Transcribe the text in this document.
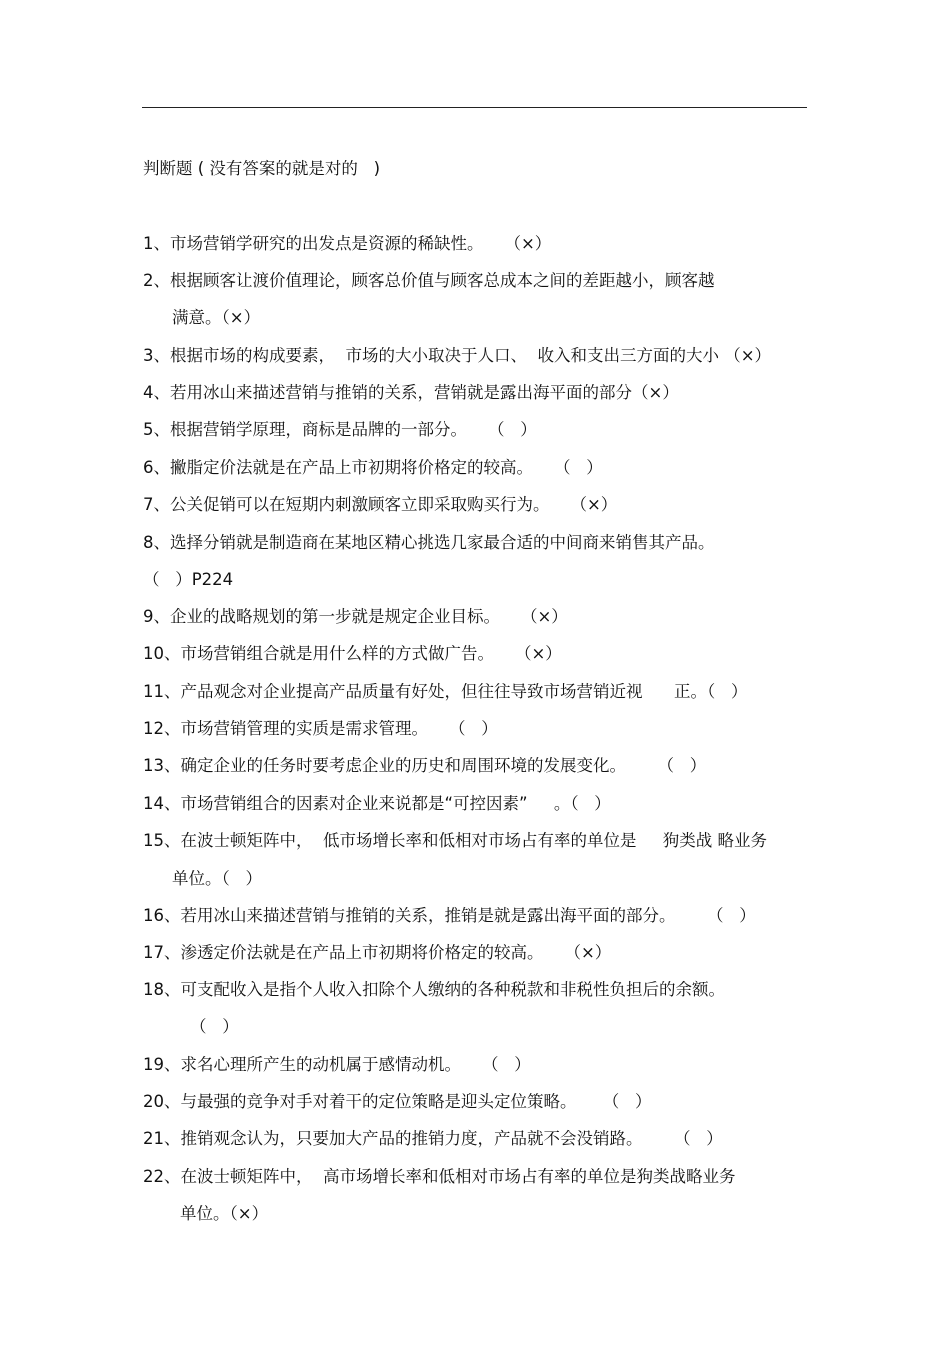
判断题 ( 没有答案的就是对的   )
1、市场营销学研究的出发点是资源的稀缺性。    （×）
2、根据顾客让渡价值理论，顾客总价值与顾客总成本之间的差距越小，顾客越
满意。（×）
3、根据市场的构成要素，  市场的大小取决于人口、  收入和支出三方面的大小 （×）
4、若用冰山来描述营销与推销的关系，营销就是露出海平面的部分（×）
5、根据营销学原理，商标是品牌的一部分。    （   ）
6、撇脂定价法就是在产品上市初期将价格定的较高。    （   ）
7、公关促销可以在短期内刺激顾客立即采取购买行为。    （×）
8、选择分销就是制造商在某地区精心挑选几家最合适的中间商来销售其产品。
（   ）P224
9、企业的战略规划的第一步就是规定企业目标。    （×）
10、市场营销组合就是用什么样的方式做广告。    （×）
11、产品观念对企业提高产品质量有好处，但往往导致市场营销近视      正。（   ）
12、市场营销管理的实质是需求管理。    （   ）
13、确定企业的任务时要考虑企业的历史和周围环境的发展变化。      （   ）
14、市场营销组合的因素对企业来说都是“可控因素”     。（   ）
15、在波士顿矩阵中，  低市场增长率和低相对市场占有率的单位是     狗类战 略业务
单位。（   ）
16、若用冰山来描述营销与推销的关系，推销是就是露出海平面的部分。      （   ）
17、渗透定价法就是在产品上市初期将价格定的较高。    （×）
18、可支配收入是指个人收入扣除个人缴纳的各种税款和非税性负担后的余额。
（   ）
19、求名心理所产生的动机属于感情动机。    （   ）
20、与最强的竞争对手对着干的定位策略是迎头定位策略。     （   ）
21、推销观念认为，只要加大产品的推销力度，产品就不会没销路。      （   ）
22、在波士顿矩阵中，  高市场增长率和低相对市场占有率的单位是狗类战略业务
单位。（×）
